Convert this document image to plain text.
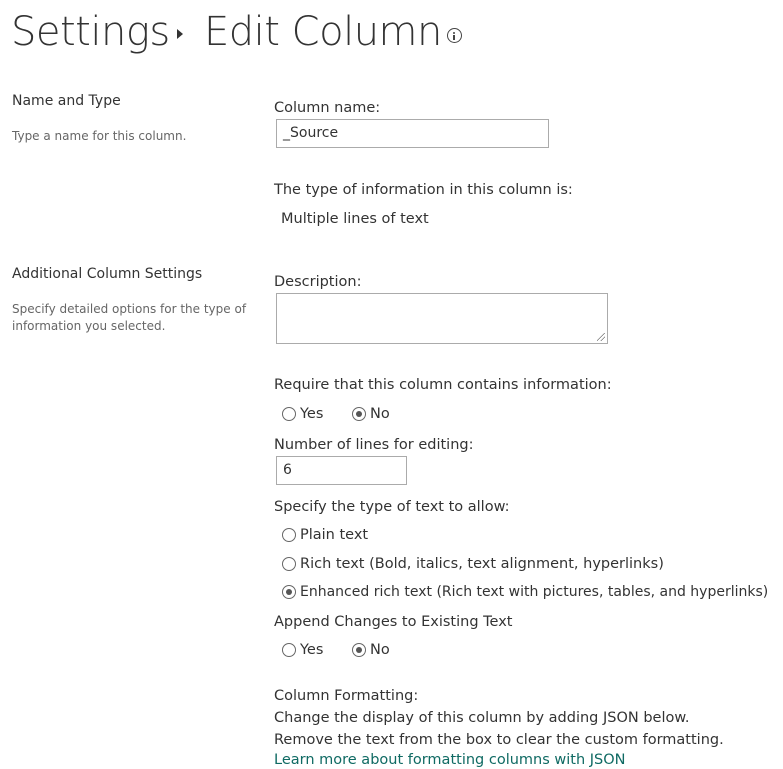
Settings Edit Column
Name and Type
Type a name for this column.
Column name:
_Source
The type of information in this column is:
Multiple lines of text
Additional Column Settings
Specify detailed options for the type of information you selected.
Description:
Require that this column contains information:
Yes	No
Number of lines for editing:
6
Specify the type of text to allow:
Plain text
Rich text (Bold, italics, text alignment, hyperlinks)
Enhanced rich text (Rich text with pictures, tables, and hyperlinks)
Append Changes to Existing Text
Yes	No
Column Formatting:
Change the display of this column by adding JSON below.
Remove the text from the box to clear the custom formatting.
Learn more about formatting columns with JSON
